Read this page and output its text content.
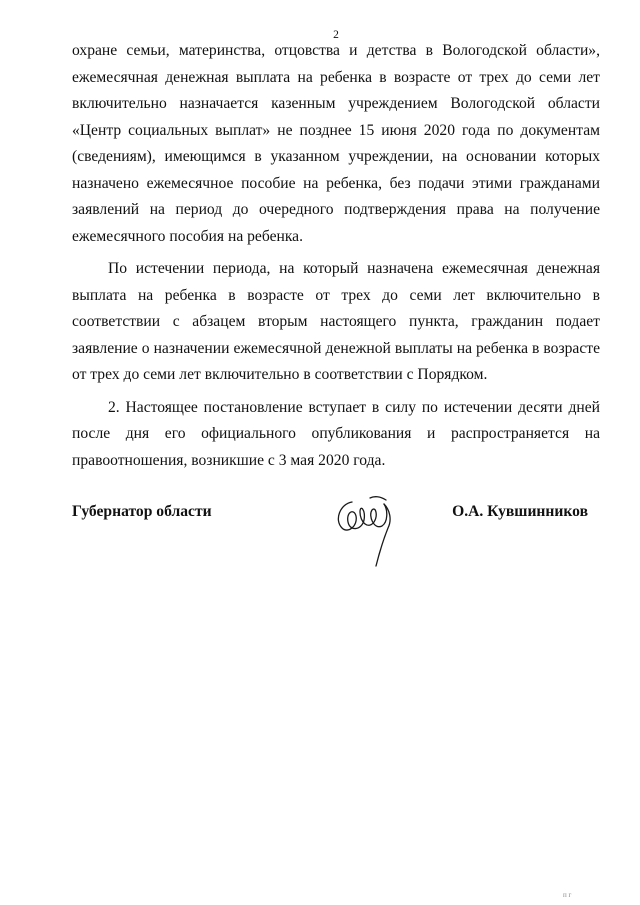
2

охране семьи, материнства, отцовства и детства в Вологодской области», ежемесячная денежная выплата на ребенка в возрасте от трех до семи лет включительно назначается казенным учреждением Вологодской области «Центр социальных выплат» не позднее 15 июня 2020 года по документам (сведениям), имеющимся в указанном учреждении, на основании которых назначено ежемесячное пособие на ребенка, без подачи этими гражданами заявлений на период до очередного подтверждения права на получение ежемесячного пособия на ребенка.

По истечении периода, на который назначена ежемесячная денежная выплата на ребенка в возрасте от трех до семи лет включительно в соответствии с абзацем вторым настоящего пункта, гражданин подает заявление о назначении ежемесячной денежной выплаты на ребенка в возрасте от трех до семи лет включительно в соответствии с Порядком.

2. Настоящее постановление вступает в силу по истечении десяти дней после дня его официального опубликования и распространяется на правоотношения, возникшие с 3 мая 2020 года.

Губернатор области	О.А. Кувшинников
п г
